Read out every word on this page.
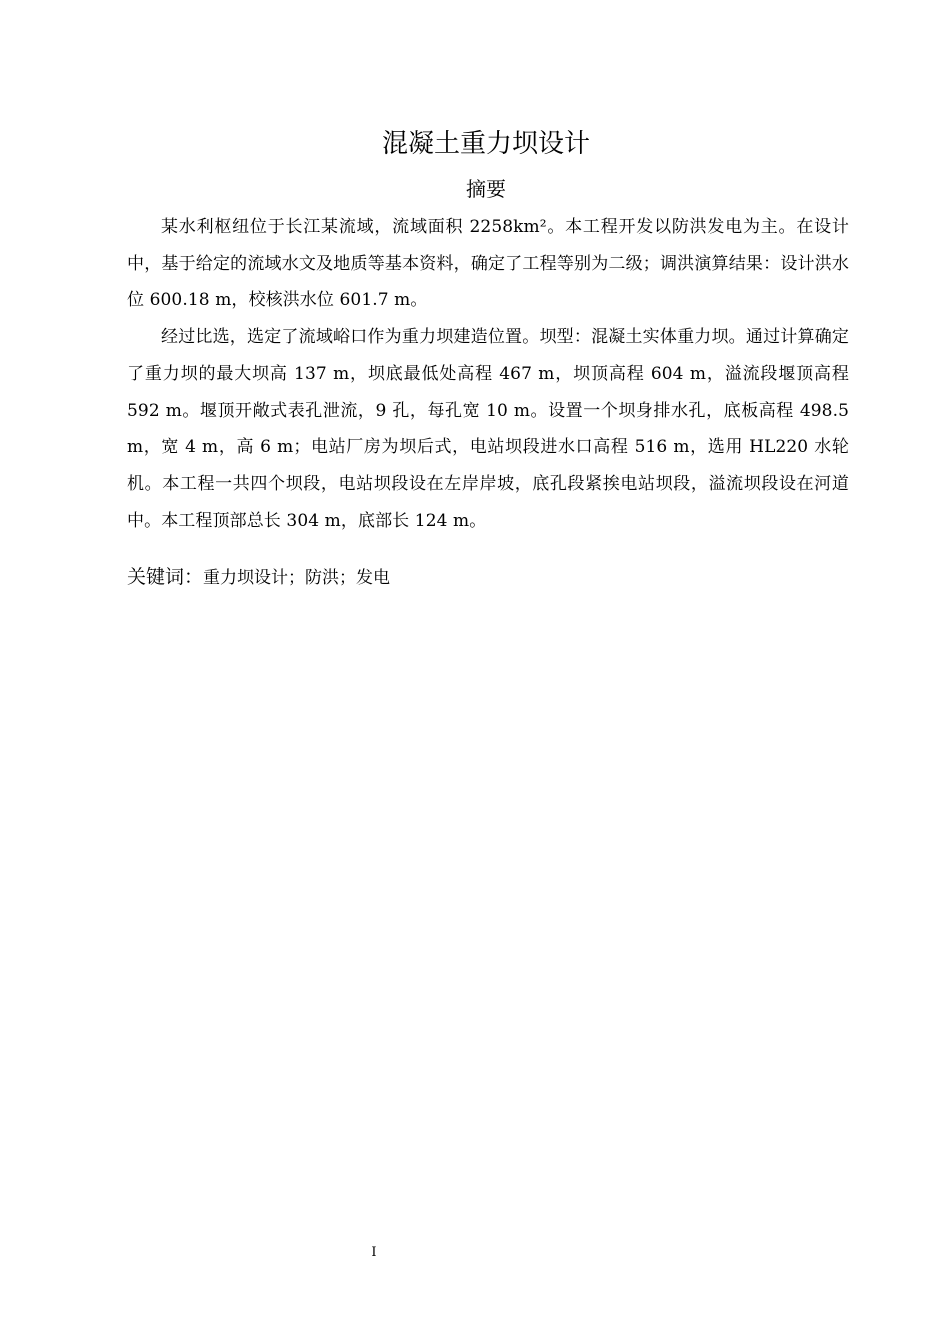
混凝土重力坝设计
摘要

某水利枢纽位于长江某流域，流域面积 2258km²。本工程开发以防洪发电为主。在设计中，基于给定的流域水文及地质等基本资料，确定了工程等别为二级；调洪演算结果：设计洪水位 600.18 m，校核洪水位 601.7 m。

经过比选，选定了流域峪口作为重力坝建造位置。坝型：混凝土实体重力坝。通过计算确定了重力坝的最大坝高 137 m，坝底最低处高程 467 m，坝顶高程 604 m，溢流段堰顶高程 592 m。堰顶开敞式表孔泄流，9 孔，每孔宽 10 m。设置一个坝身排水孔，底板高程 498.5 m，宽 4 m，高 6 m；电站厂房为坝后式，电站坝段进水口高程 516 m，选用 HL220 水轮机。本工程一共四个坝段，电站坝段设在左岸岸坡，底孔段紧挨电站坝段，溢流坝段设在河道中。本工程顶部总长 304 m，底部长 124 m。

关键词：重力坝设计；防洪；发电
I
